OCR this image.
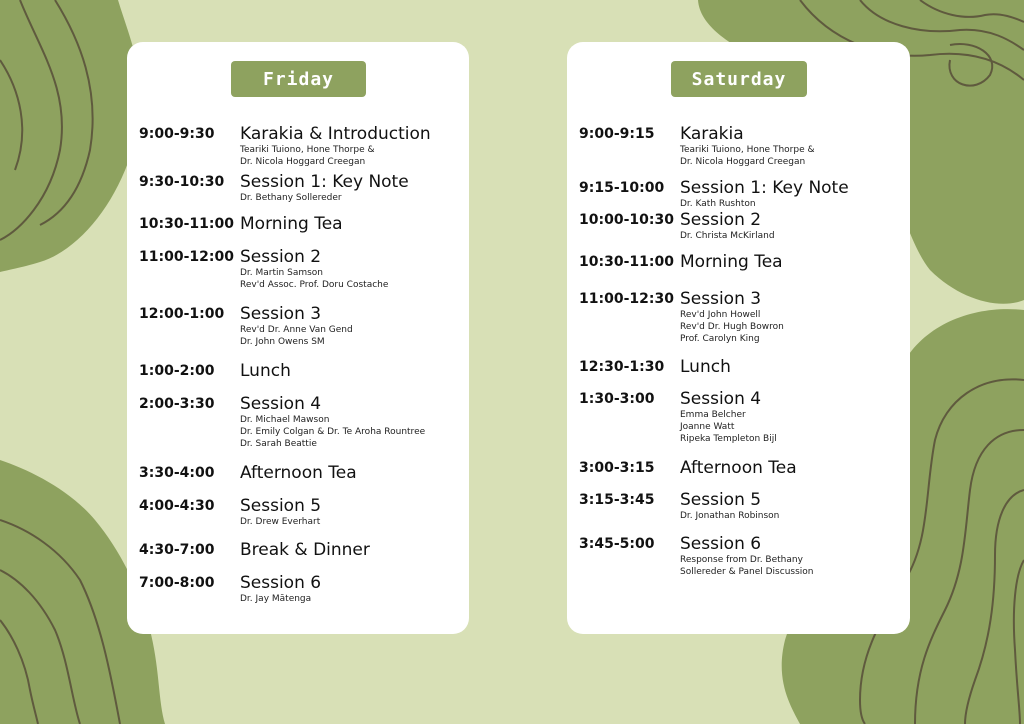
Friday
9:00-9:30 Karakia & Introduction
Teariki Tuiono, Hone Thorpe &
Dr. Nicola Hoggard Creegan
9:30-10:30 Session 1: Key Note
Dr. Bethany Sollereder
10:30-11:00 Morning Tea
11:00-12:00 Session 2
Dr. Martin Samson
Rev'd Assoc. Prof. Doru Costache
12:00-1:00 Session 3
Rev'd Dr. Anne Van Gend
Dr. John Owens SM
1:00-2:00 Lunch
2:00-3:30 Session 4
Dr. Michael Mawson
Dr. Emily Colgan & Dr. Te Aroha Rountree
Dr. Sarah Beattie
3:30-4:00 Afternoon Tea
4:00-4:30 Session 5
Dr. Drew Everhart
4:30-7:00 Break & Dinner
7:00-8:00 Session 6
Dr. Jay Mātenga
Saturday
9:00-9:15 Karakia
Teariki Tuiono, Hone Thorpe &
Dr. Nicola Hoggard Creegan
9:15-10:00 Session 1: Key Note
Dr. Kath Rushton
10:00-10:30 Session 2
Dr. Christa McKirland
10:30-11:00 Morning Tea
11:00-12:30 Session 3
Rev'd John Howell
Rev'd Dr. Hugh Bowron
Prof. Carolyn King
12:30-1:30 Lunch
1:30-3:00 Session 4
Emma Belcher
Joanne Watt
Ripeka Templeton Bijl
3:00-3:15 Afternoon Tea
3:15-3:45 Session 5
Dr. Jonathan Robinson
3:45-5:00 Session 6
Response from Dr. Bethany
Sollereder & Panel Discussion
